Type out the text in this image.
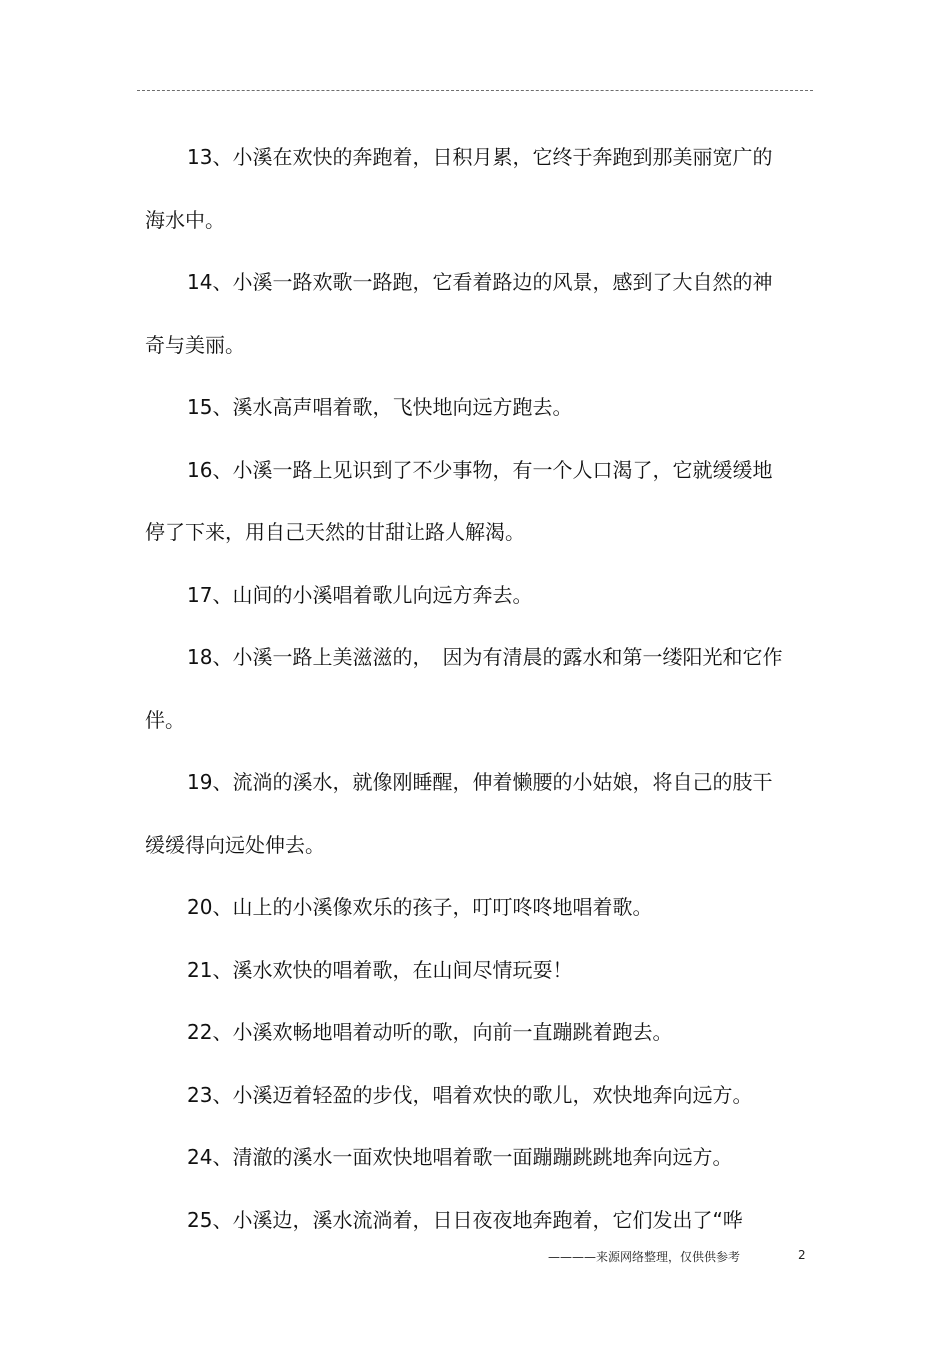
13、小溪在欢快的奔跑着，日积月累，它终于奔跑到那美丽宽广的海水中。

14、小溪一路欢歌一路跑，它看着路边的风景，感到了大自然的神奇与美丽。

15、溪水高声唱着歌，飞快地向远方跑去。

16、小溪一路上见识到了不少事物，有一个人口渴了，它就缓缓地停了下来，用自己天然的甘甜让路人解渴。

17、山间的小溪唱着歌儿向远方奔去。

18、小溪一路上美滋滋的，　因为有清晨的露水和第一缕阳光和它作伴。

19、流淌的溪水，就像刚睡醒，伸着懒腰的小姑娘，将自己的肢干缓缓得向远处伸去。

20、山上的小溪像欢乐的孩子，叮叮咚咚地唱着歌。

21、溪水欢快的唱着歌，在山间尽情玩耍！

22、小溪欢畅地唱着动听的歌，向前一直蹦跳着跑去。

23、小溪迈着轻盈的步伐，唱着欢快的歌儿，欢快地奔向远方。

24、清澈的溪水一面欢快地唱着歌一面蹦蹦跳跳地奔向远方。

25、小溪边，溪水流淌着，日日夜夜地奔跑着，它们发出了“哗

————来源网络整理，仅供供参考	2
